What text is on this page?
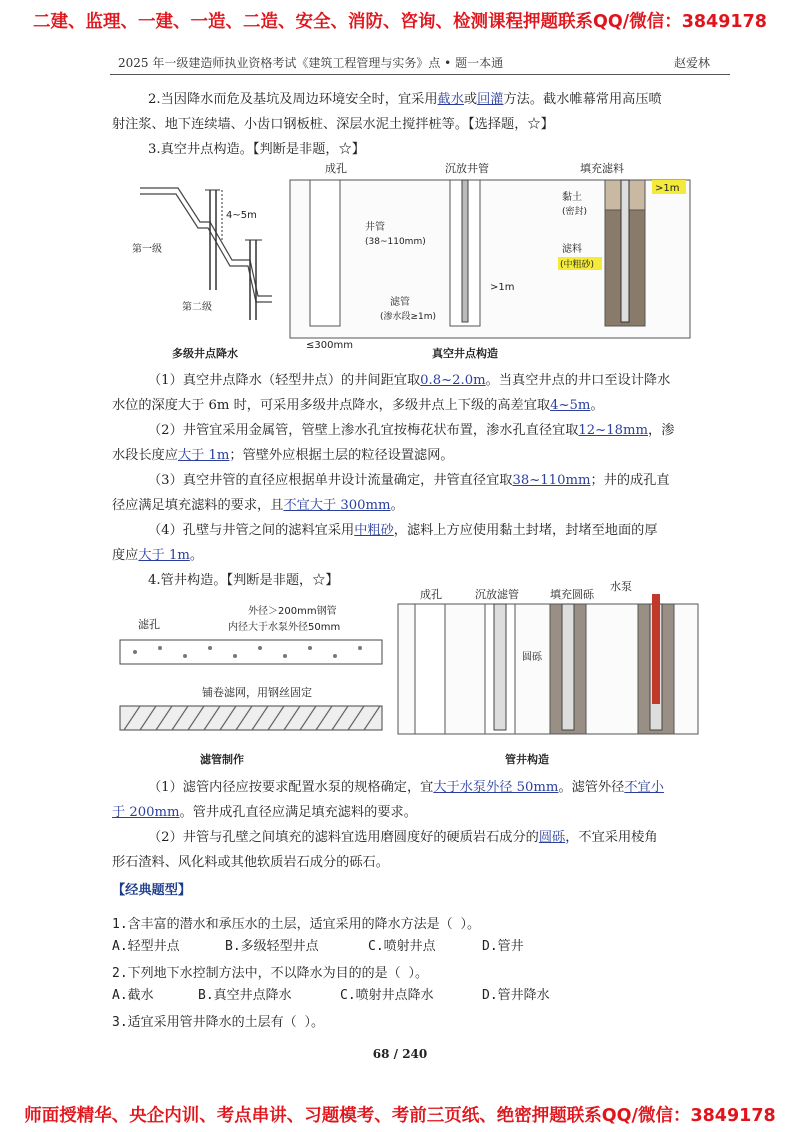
二建、监理、一建、一造、二造、安全、消防、咨询、检测课程押题联系QQ/微信：3849178
师面授精华、央企内训、考点串讲、习题模考、考前三页纸、绝密押题联系QQ/微信：3849178
2025 年一级建造师执业资格考试《建筑工程管理与实务》点 • 题一本通	赵爱林
2.当因降水而危及基坑及周边环境安全时，宜采用截水或回灌方法。截水帷幕常用高压喷
射注浆、地下连续墙、小齿口钢板桩、深层水泥土搅拌桩等。【选择题，☆】
3.真空井点构造。【判断是非题，☆】
4~5m
第一级
第二级
成孔	沉放井管	填充滤料
≤300mm
井管
(38~110mm)
滤管
(渗水段≥1m)
>1m
>1m
黏土
(密封)
滤料
(中粗砂)
多级井点降水	真空井点构造
（1）真空井点降水（轻型井点）的井间距宜取0.8~2.0m。当真空井点的井口至设计降水
水位的深度大于 6m 时，可采用多级井点降水，多级井点上下级的高差宜取4~5m。
（2）井管宜采用金属管，管壁上渗水孔宜按梅花状布置，渗水孔直径宜取12~18mm，渗
水段长度应大于 1m；管壁外应根据土层的粒径设置滤网。
（3）真空井管的直径应根据单井设计流量确定，井管直径宜取38~110mm；井的成孔直
径应满足填充滤料的要求，且不宜大于 300mm。
（4）孔壁与井管之间的滤料宜采用中粗砂，滤料上方应使用黏土封堵，封堵至地面的厚
度应大于 1m。
4.管井构造。【判断是非题，☆】
滤孔
外径＞200mm钢管
内径大于水泵外径50mm
铺卷滤网，用钢丝固定
成孔	沉放滤管	填充圆砾
水泵
圆砾
滤管制作	管井构造
（1）滤管内径应按要求配置水泵的规格确定，宜大于水泵外径 50mm。滤管外径不宜小
于 200mm。管井成孔直径应满足填充滤料的要求。
（2）井管与孔壁之间填充的滤料宜选用磨圆度好的硬质岩石成分的圆砾，不宜采用棱角
形石渣料、风化料或其他软质岩石成分的砾石。
【经典题型】
1.含丰富的潜水和承压水的土层，适宜采用的降水方法是（ ）。
A.轻型井点	B.多级轻型井点	C.喷射井点	D.管井
2.下列地下水控制方法中，不以降水为目的的是（ ）。
A.截水	B.真空井点降水	C.喷射井点降水	D.管井降水
3.适宜采用管井降水的土层有（ ）。
68 / 240
